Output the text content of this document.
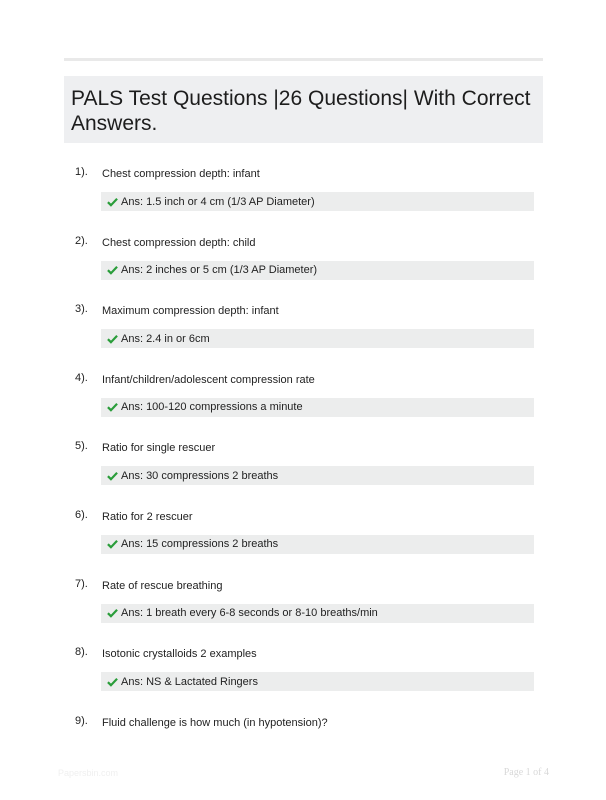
PALS Test Questions |26 Questions| With Correct Answers.
1). Chest compression depth: infant
Ans: 1.5 inch or 4 cm (1/3 AP Diameter)
2). Chest compression depth: child
Ans: 2 inches or 5 cm (1/3 AP Diameter)
3). Maximum compression depth: infant
Ans: 2.4 in or 6cm
4). Infant/children/adolescent compression rate
Ans: 100-120 compressions a minute
5). Ratio for single rescuer
Ans: 30 compressions 2 breaths
6). Ratio for 2 rescuer
Ans: 15 compressions 2 breaths
7). Rate of rescue breathing
Ans: 1 breath every 6-8 seconds or 8-10 breaths/min
8). Isotonic crystalloids 2 examples
Ans: NS & Lactated Ringers
9). Fluid challenge is how much (in hypotension)?
Papersbin.com	Page 1 of 4
